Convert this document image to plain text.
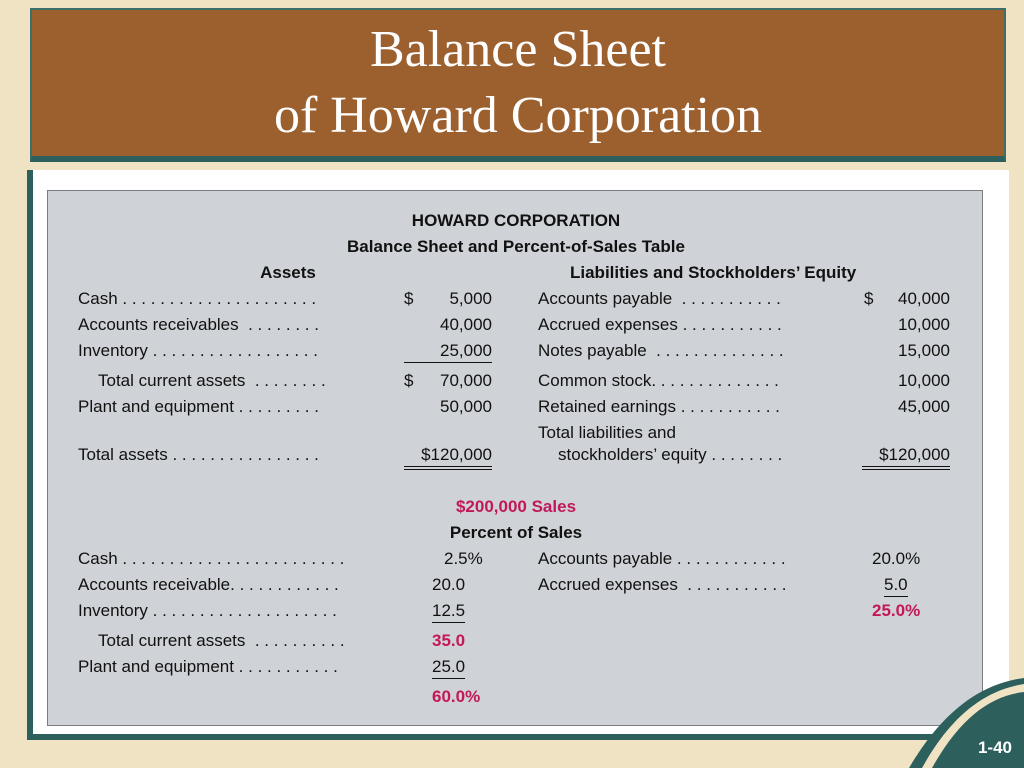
Balance Sheet
of Howard Corporation
HOWARD CORPORATION
Balance Sheet and Percent-of-Sales Table
Assets	Liabilities and Stockholders’ Equity
Cash . . . . . . . . . . . . . . . . . . . . .	$	5,000
Accounts receivables  . . . . . . . .	40,000
Inventory . . . . . . . . . . . . . . . . . .	25,000
Total current assets  . . . . . . . .	$	70,000
Plant and equipment . . . . . . . . .	50,000
Total assets . . . . . . . . . . . . . . . .	$120,000
Accounts payable  . . . . . . . . . . .	$	40,000
Accrued expenses . . . . . . . . . . .	10,000
Notes payable  . . . . . . . . . . . . . .	15,000
Common stock. . . . . . . . . . . . . .	10,000
Retained earnings . . . . . . . . . . .	45,000
Total liabilities and
stockholders’ equity . . . . . . . .	$120,000
$200,000 Sales
Percent of Sales
Cash . . . . . . . . . . . . . . . . . . . . . . . .	2.5%
Accounts receivable. . . . . . . . . . . .	20.0
Inventory . . . . . . . . . . . . . . . . . . . .	12.5
Total current assets  . . . . . . . . . .	35.0
Plant and equipment . . . . . . . . . . .	25.0
60.0%
Accounts payable . . . . . . . . . . . .	20.0%
Accrued expenses  . . . . . . . . . . .	5.0
25.0%
1-40
